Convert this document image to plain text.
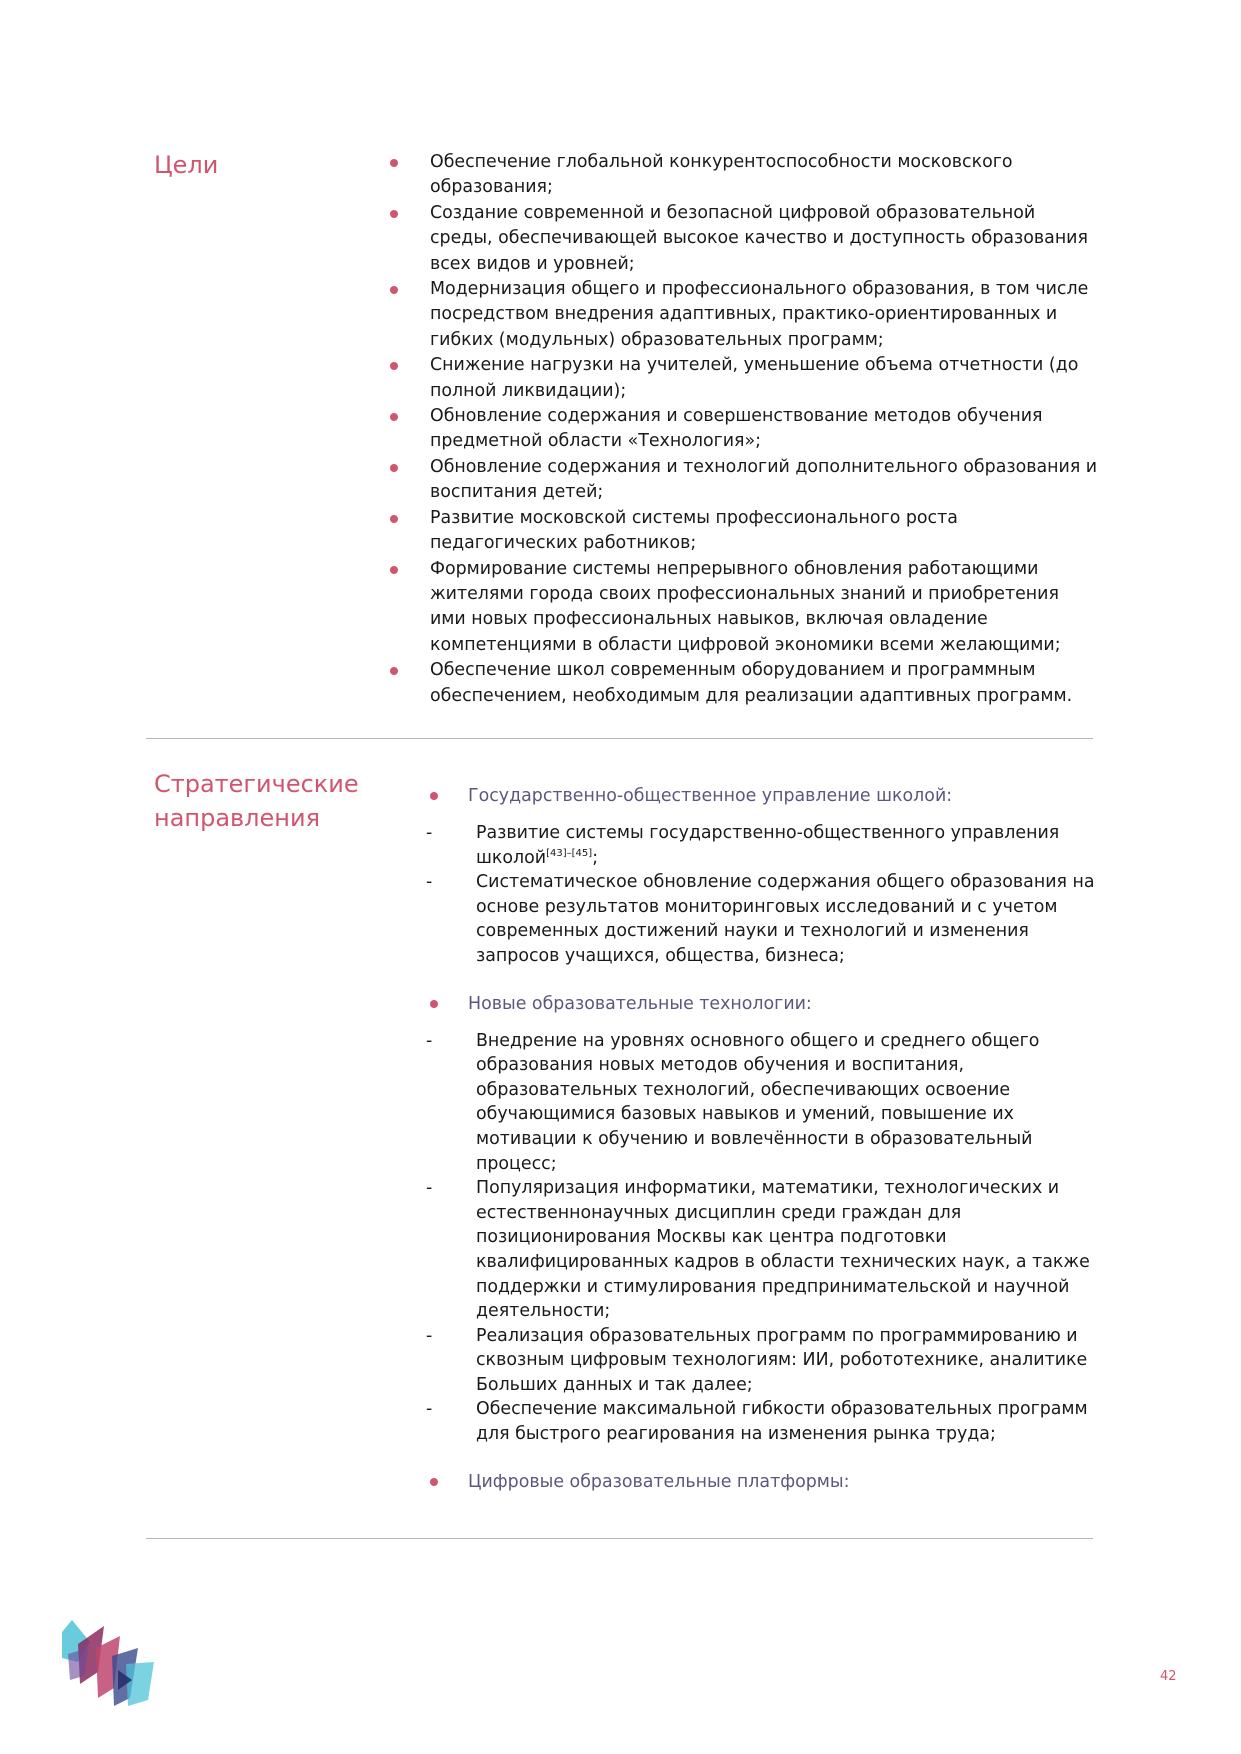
Цели	Обеспечение глобальной конкурентоспособности московского образования;
Создание современной и безопасной цифровой образовательной среды, обеспечивающей высокое качество и доступность образования всех видов и уровней;
Модернизация общего и профессионального образования, в том числе посредством внедрения адаптивных, практико-ориентированных и гибких (модульных) образовательных программ;
Снижение нагрузки на учителей, уменьшение объема отчетности (до полной ликвидации);
Обновление содержания и совершенствование методов обучения предметной области «Технология»;
Обновление содержания и технологий дополнительного образования и воспитания детей;
Развитие московской системы профессионального роста педагогических работников;
Формирование системы непрерывного обновления работающими жителями города своих профессиональных знаний и приобретения ими новых профессиональных навыков, включая овладение компетенциями в области цифровой экономики всеми желающими;
Обеспечение школ современным оборудованием и программным обеспечением, необходимым для реализации адаптивных программ.
Стратегические направления
Государственно-общественное управление школой:
-	Развитие системы государственно-общественного управления школой[43]–[45];
-	Систематическое обновление содержания общего образования на основе результатов мониторинговых исследований и с учетом современных достижений науки и технологий и изменения запросов учащихся, общества, бизнеса;
Новые образовательные технологии:
-	Внедрение на уровнях основного общего и среднего общего образования новых методов обучения и воспитания, образовательных технологий, обеспечивающих освоение обучающимися базовых навыков и умений, повышение их мотивации к обучению и вовлечённости в образовательный процесс;
-	Популяризация информатики, математики, технологических и естественнонаучных дисциплин среди граждан для позиционирования Москвы как центра подготовки квалифицированных кадров в области технических наук, а также поддержки и стимулирования предпринимательской и научной деятельности;
-	Реализация образовательных программ по программированию и сквозным цифровым технологиям: ИИ, робототехнике, аналитике Больших данных и так далее;
-	Обеспечение максимальной гибкости образовательных программ для быстрого реагирования на изменения рынка труда;
Цифровые образовательные платформы:
42
